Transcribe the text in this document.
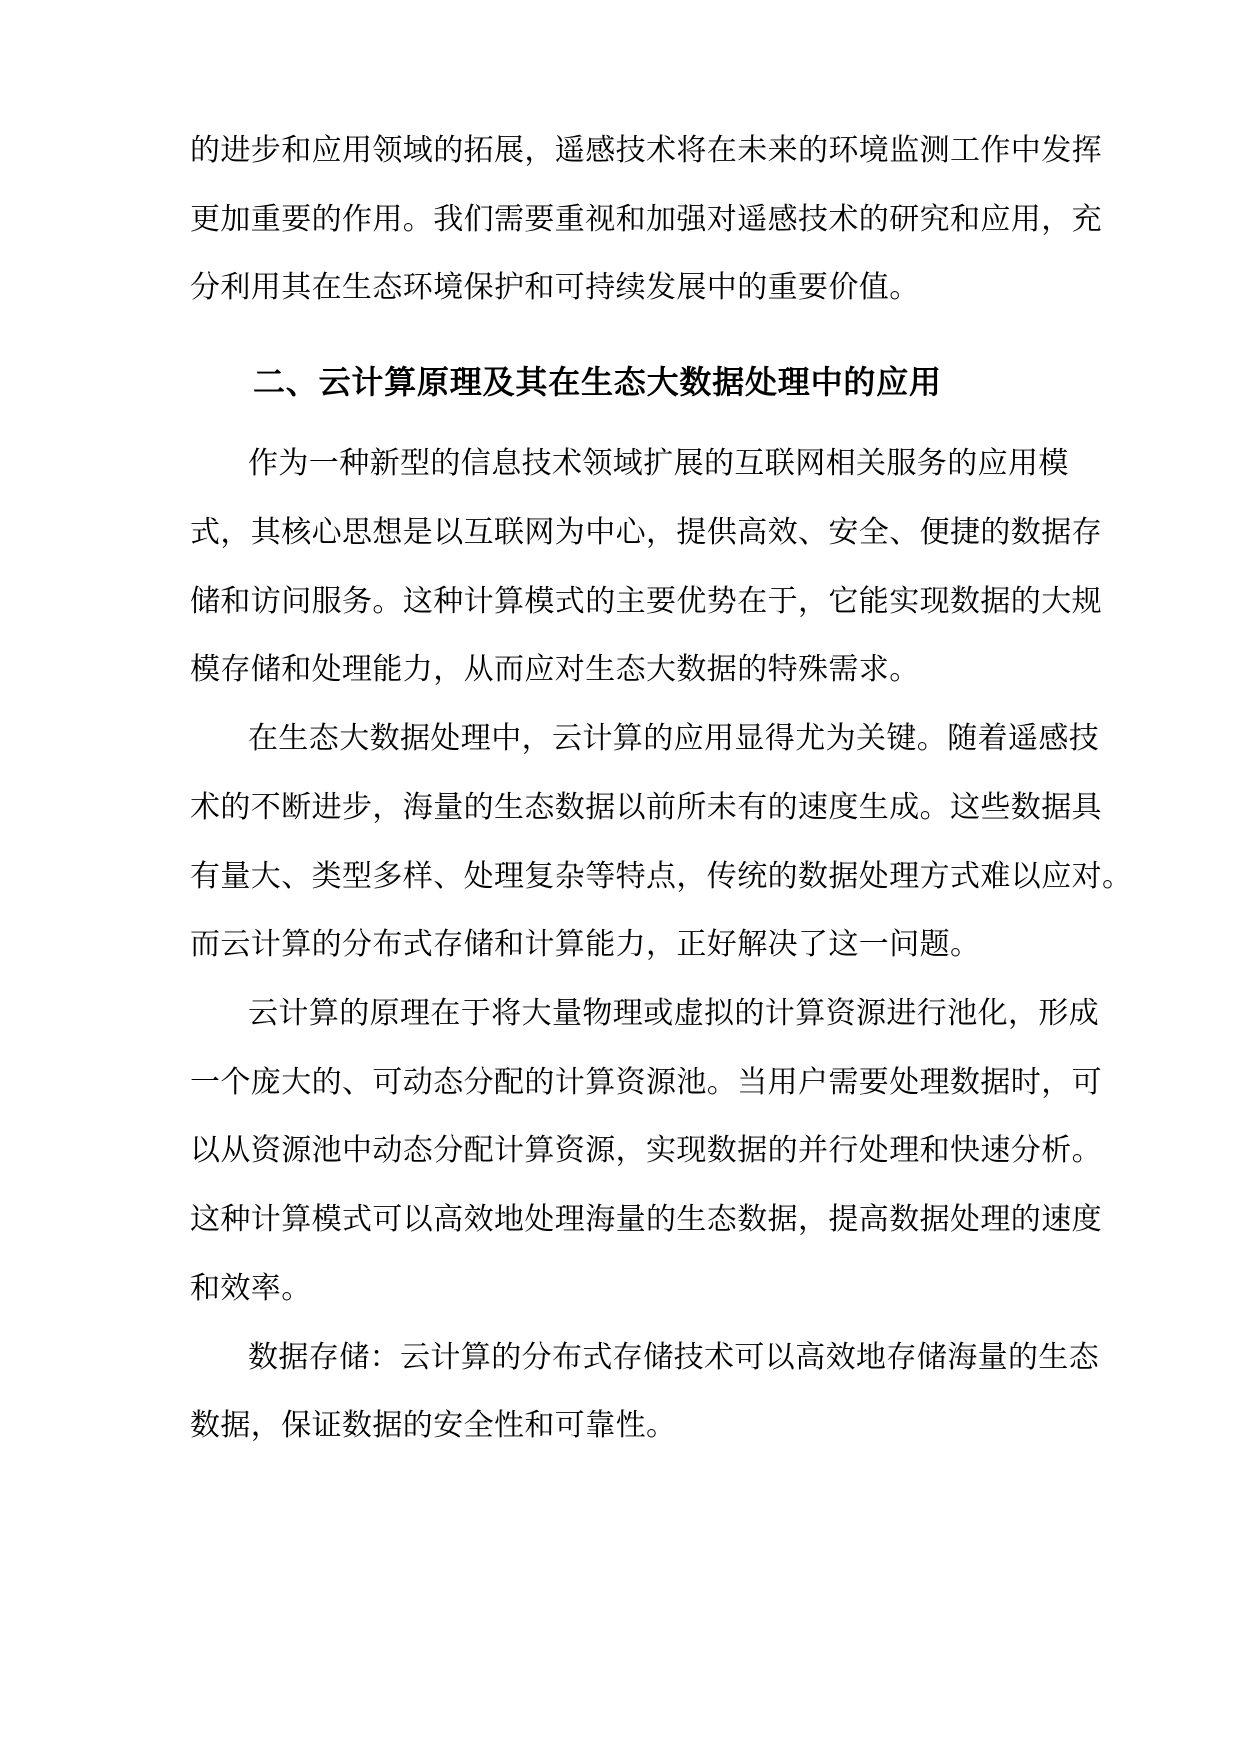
的进步和应用领域的拓展，遥感技术将在未来的环境监测工作中发挥
更加重要的作用。我们需要重视和加强对遥感技术的研究和应用，充
分利用其在生态环境保护和可持续发展中的重要价值。
二、云计算原理及其在生态大数据处理中的应用
作为一种新型的信息技术领域扩展的互联网相关服务的应用模
式，其核心思想是以互联网为中心，提供高效、安全、便捷的数据存
储和访问服务。这种计算模式的主要优势在于，它能实现数据的大规
模存储和处理能力，从而应对生态大数据的特殊需求。
在生态大数据处理中，云计算的应用显得尤为关键。随着遥感技
术的不断进步，海量的生态数据以前所未有的速度生成。这些数据具
有量大、类型多样、处理复杂等特点，传统的数据处理方式难以应对。
而云计算的分布式存储和计算能力，正好解决了这一问题。
云计算的原理在于将大量物理或虚拟的计算资源进行池化，形成
一个庞大的、可动态分配的计算资源池。当用户需要处理数据时，可
以从资源池中动态分配计算资源，实现数据的并行处理和快速分析。
这种计算模式可以高效地处理海量的生态数据，提高数据处理的速度
和效率。
数据存储：云计算的分布式存储技术可以高效地存储海量的生态
数据，保证数据的安全性和可靠性。
